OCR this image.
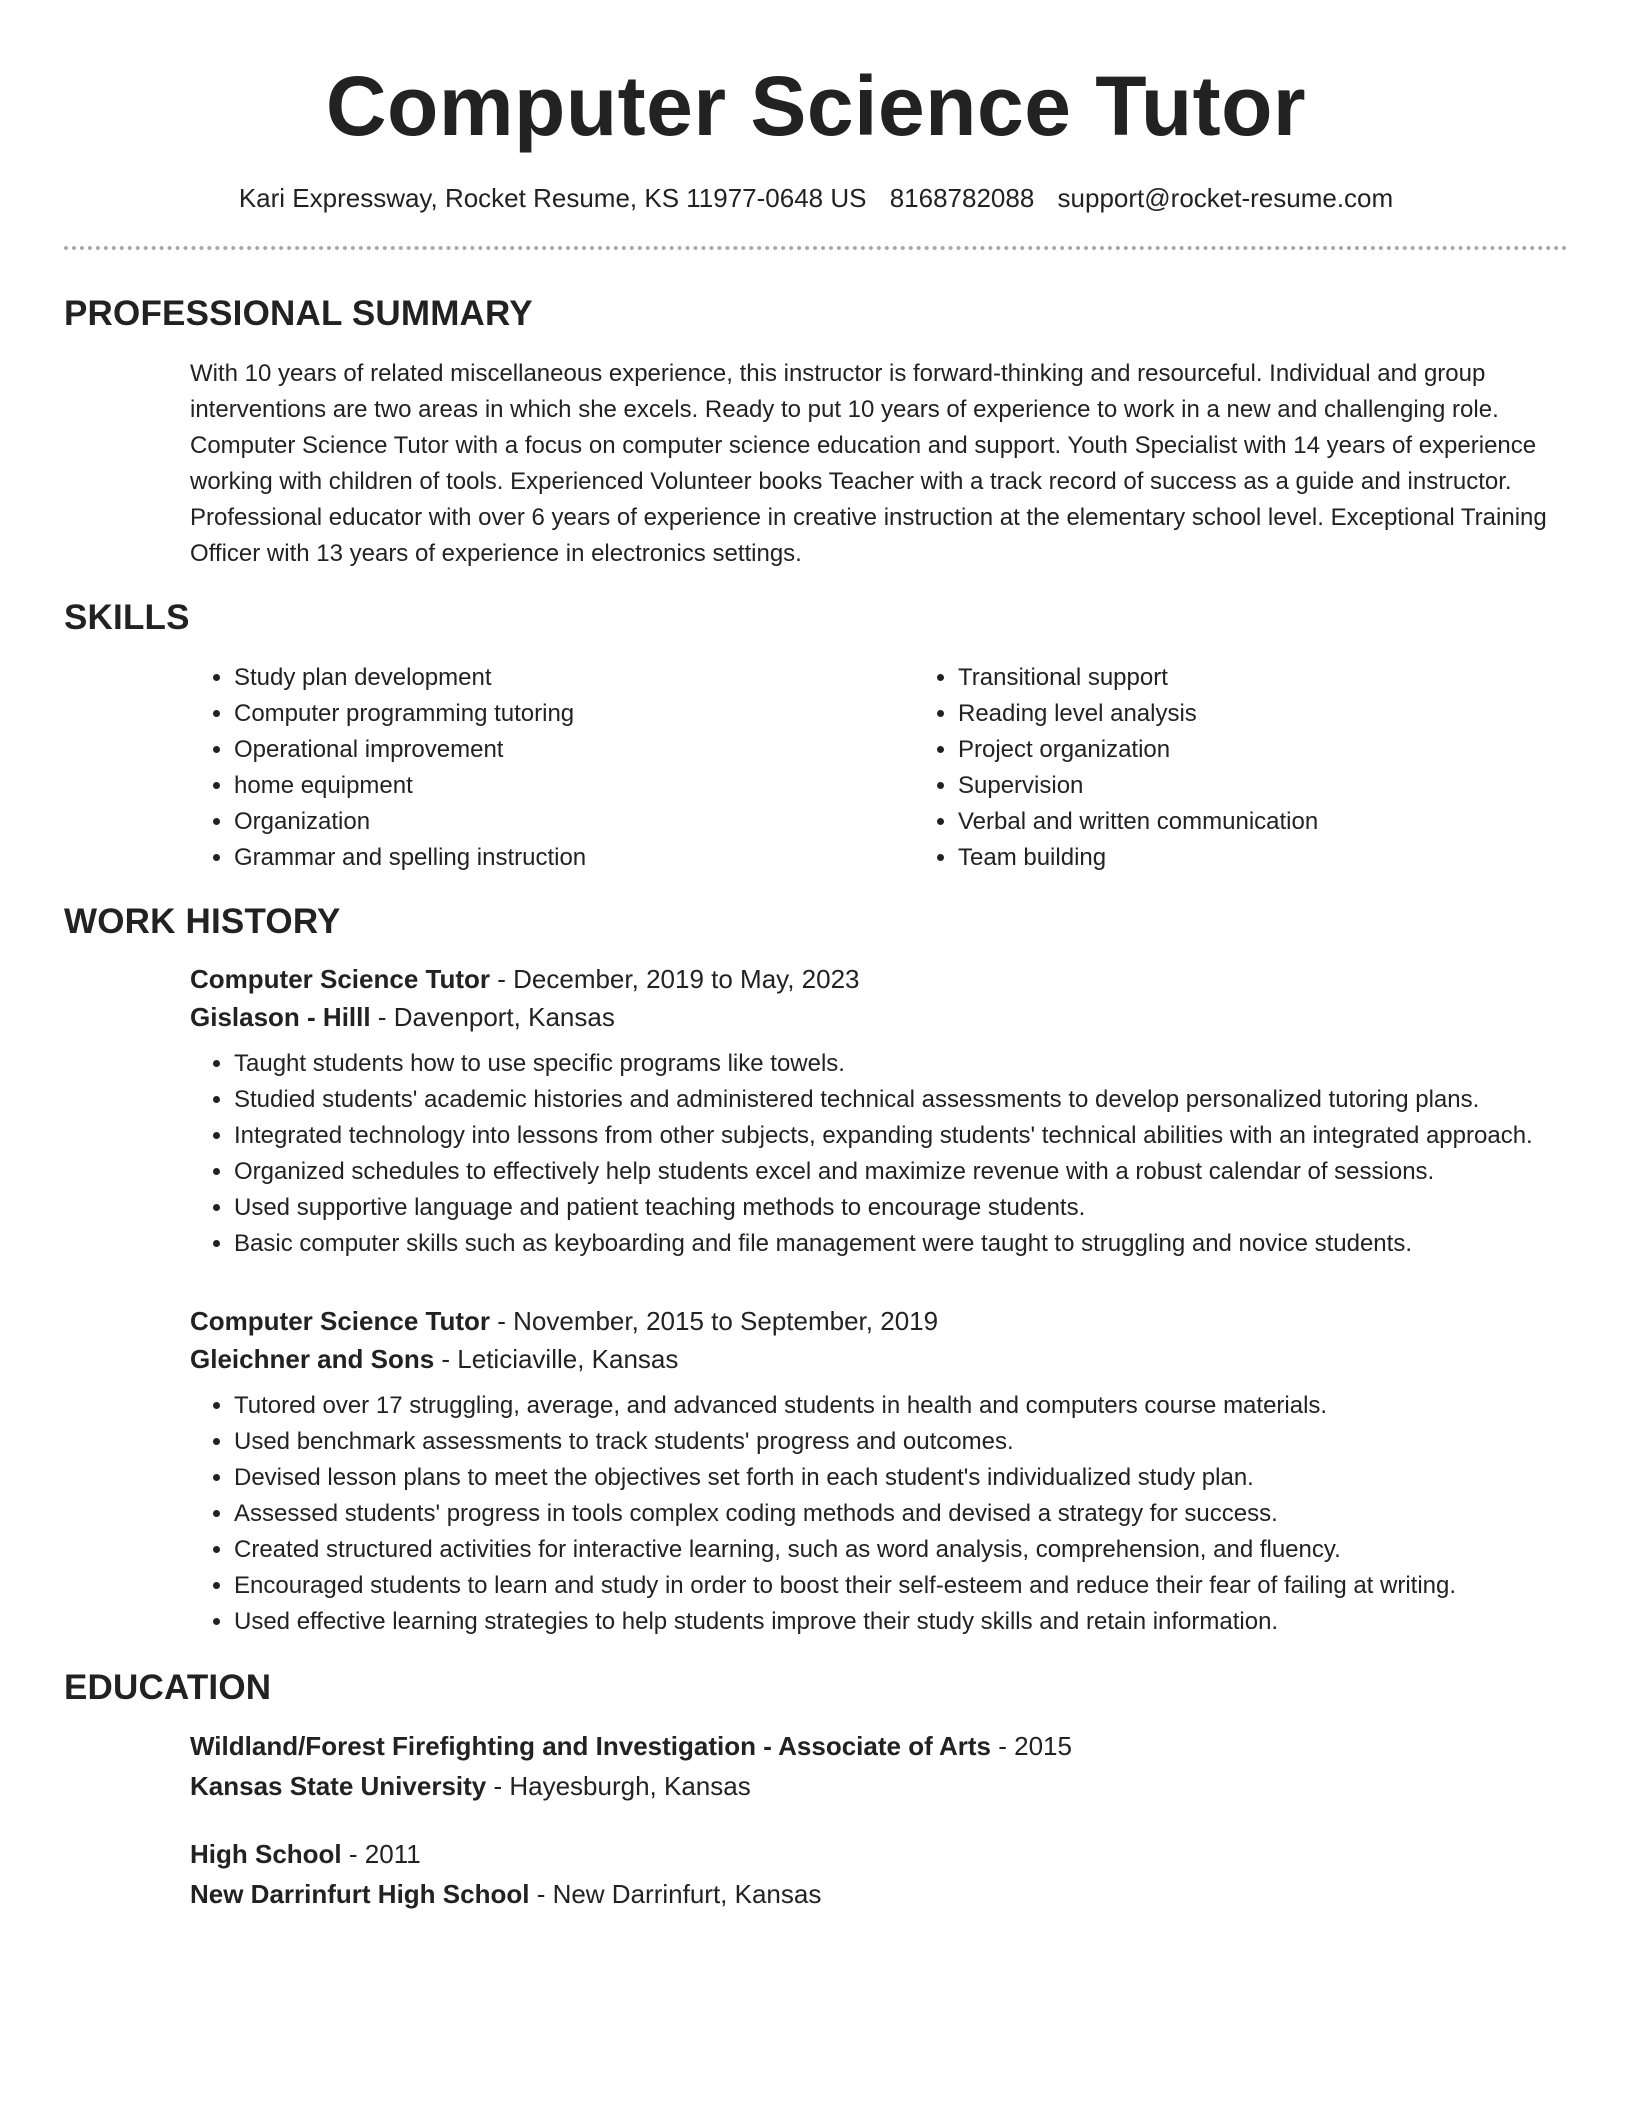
Computer Science Tutor
Kari Expressway, Rocket Resume, KS 11977-0648 US 8168782088 support@rocket-resume.com
PROFESSIONAL SUMMARY

With 10 years of related miscellaneous experience, this instructor is forward-thinking and resourceful. Individual and group interventions are two areas in which she excels. Ready to put 10 years of experience to work in a new and challenging role. Computer Science Tutor with a focus on computer science education and support. Youth Specialist with 14 years of experience working with children of tools. Experienced Volunteer books Teacher with a track record of success as a guide and instructor. Professional educator with over 6 years of experience in creative instruction at the elementary school level. Exceptional Training Officer with 13 years of experience in electronics settings.

SKILLS
• Study plan development
• Computer programming tutoring
• Operational improvement
• home equipment
• Organization
• Grammar and spelling instruction
• Transitional support
• Reading level analysis
• Project organization
• Supervision
• Verbal and written communication
• Team building
WORK HISTORY
Computer Science Tutor - December, 2019 to May, 2023
Gislason - Hilll - Davenport, Kansas
• Taught students how to use specific programs like towels.
• Studied students' academic histories and administered technical assessments to develop personalized tutoring plans.
• Integrated technology into lessons from other subjects, expanding students' technical abilities with an integrated approach.
• Organized schedules to effectively help students excel and maximize revenue with a robust calendar of sessions.
• Used supportive language and patient teaching methods to encourage students.
• Basic computer skills such as keyboarding and file management were taught to struggling and novice students.
Computer Science Tutor - November, 2015 to September, 2019
Gleichner and Sons - Leticiaville, Kansas
• Tutored over 17 struggling, average, and advanced students in health and computers course materials.
• Used benchmark assessments to track students' progress and outcomes.
• Devised lesson plans to meet the objectives set forth in each student's individualized study plan.
• Assessed students' progress in tools complex coding methods and devised a strategy for success.
• Created structured activities for interactive learning, such as word analysis, comprehension, and fluency.
• Encouraged students to learn and study in order to boost their self-esteem and reduce their fear of failing at writing.
• Used effective learning strategies to help students improve their study skills and retain information.
EDUCATION
Wildland/Forest Firefighting and Investigation - Associate of Arts - 2015
Kansas State University - Hayesburgh, Kansas
High School - 2011
New Darrinfurt High School - New Darrinfurt, Kansas
